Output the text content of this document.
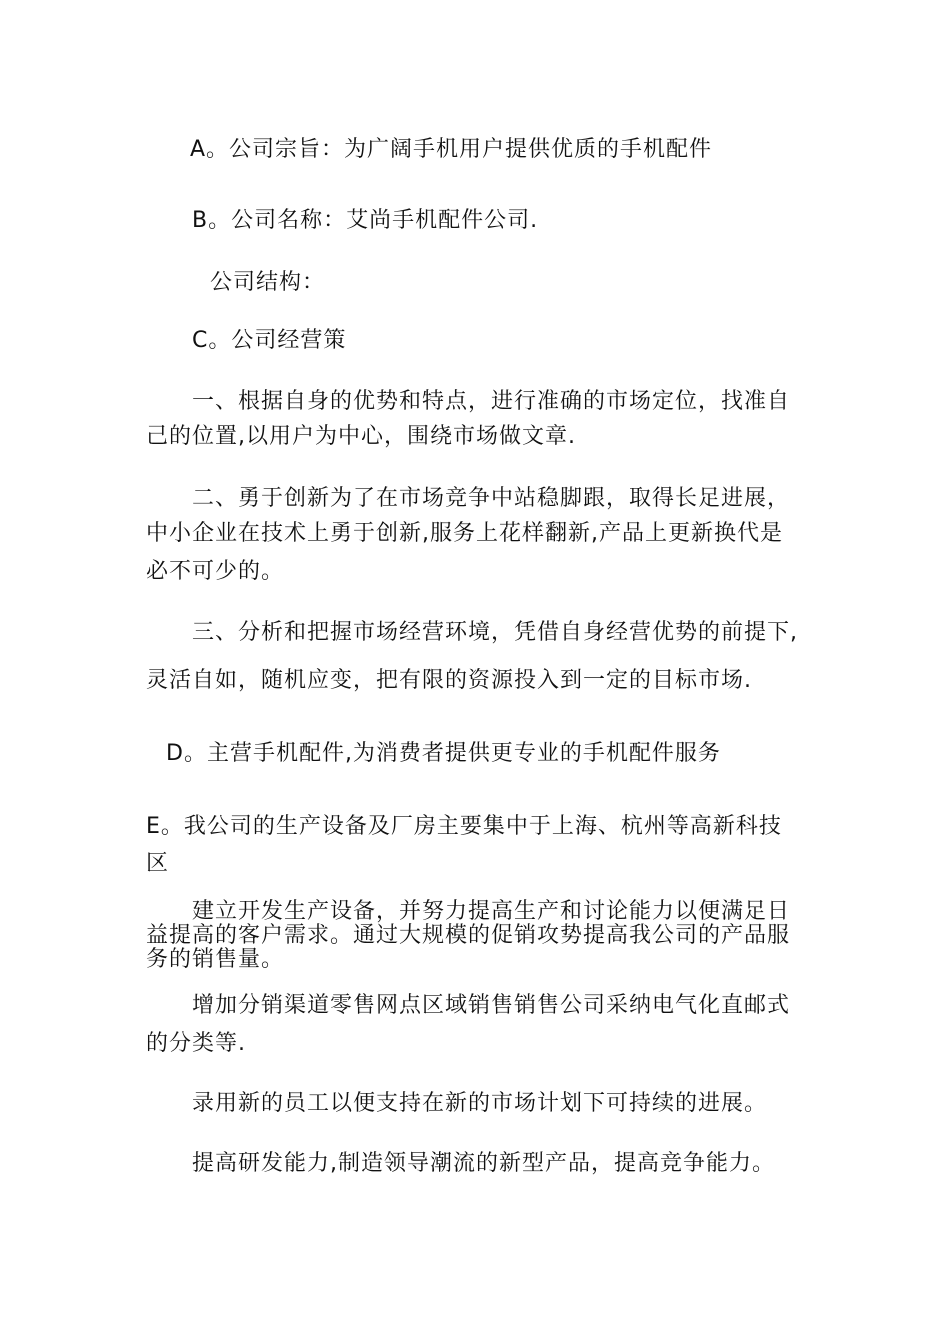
A。公司宗旨：为广阔手机用户提供优质的手机配件
B。公司名称：艾尚手机配件公司.
公司结构：
C。公司经营策
一、根据自身的优势和特点，进行准确的市场定位，找准自
己的位置,以用户为中心，围绕市场做文章.
二、勇于创新为了在市场竞争中站稳脚跟，取得长足进展，
中小企业在技术上勇于创新,服务上花样翻新,产品上更新换代是
必不可少的。
三、分析和把握市场经营环境，凭借自身经营优势的前提下,
灵活自如，随机应变，把有限的资源投入到一定的目标市场.
D。主营手机配件,为消费者提供更专业的手机配件服务
E。我公司的生产设备及厂房主要集中于上海、杭州等高新科技
区
建立开发生产设备，并努力提高生产和讨论能力以便满足日
益提高的客户需求。通过大规模的促销攻势提高我公司的产品服
务的销售量。
增加分销渠道零售网点区域销售销售公司采纳电气化直邮式
的分类等.
录用新的员工以便支持在新的市场计划下可持续的进展。
提高研发能力,制造领导潮流的新型产品，提高竞争能力。
